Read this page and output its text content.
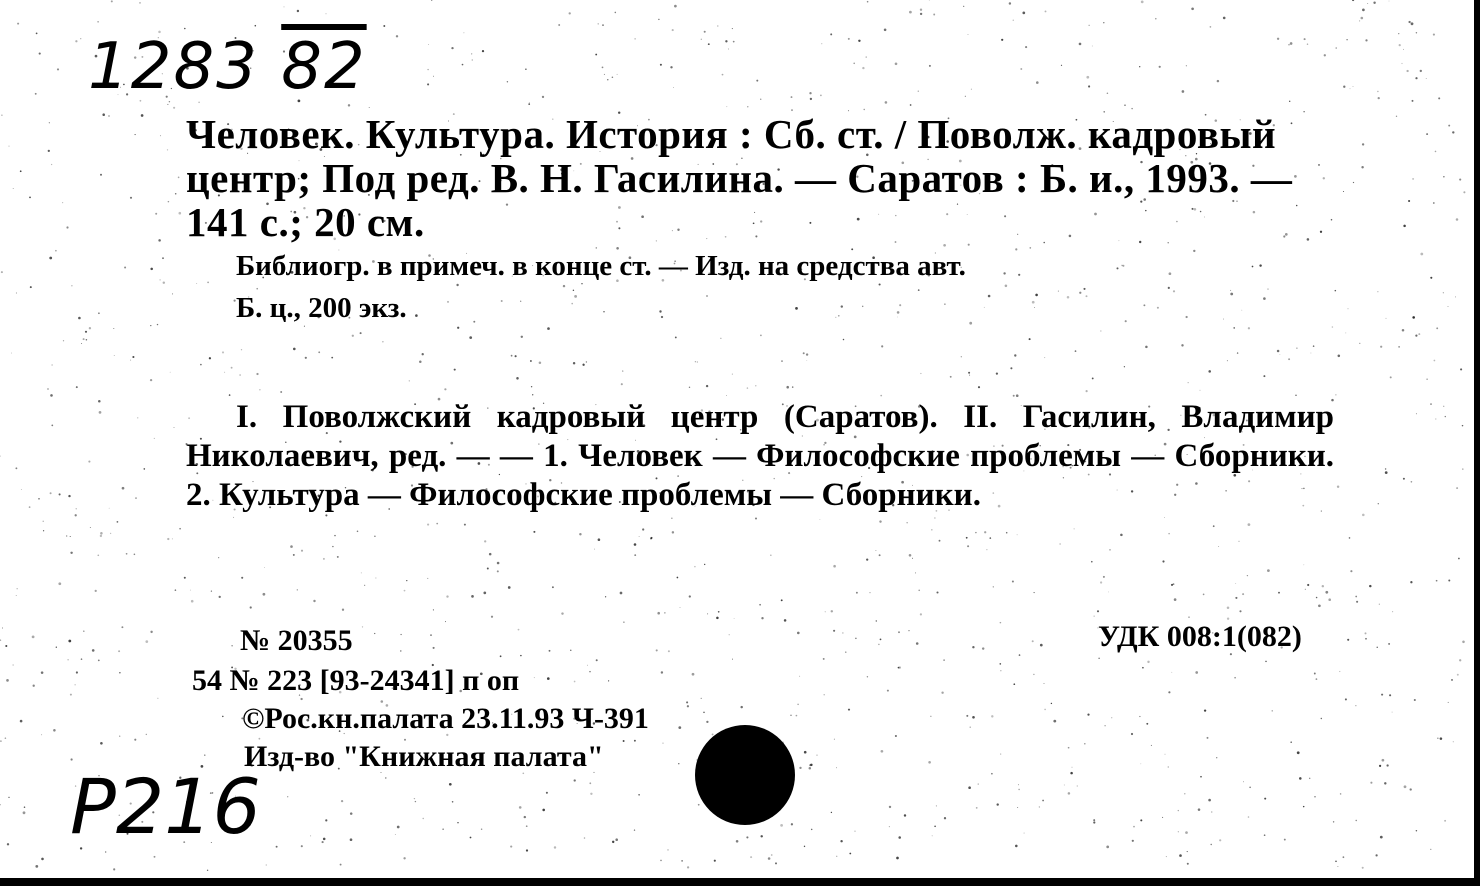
1283 82

Человек. Культура. История : Сб. ст. / Поволж. кадровый центр; Под ред. В. Н. Гасилина. — Саратов : Б. и., 1993. — 141 с.; 20 см.

Библиогр. в примеч. в конце ст. — Изд. на средства авт.
Б. ц., 200 экз.

I. Поволжский кадровый центр (Саратов). II. Гасилин, Владимир Николаевич, ред. — — 1. Человек — Философские проблемы — Сборники. 2. Культура — Философские проблемы — Сборники.

№ 20355	УДК 008:1(082)
54 № 223 [93-24341] п оп
©Рос.кн.палата 23.11.93 Ч-391
Изд-во "Книжная палата"
P216
